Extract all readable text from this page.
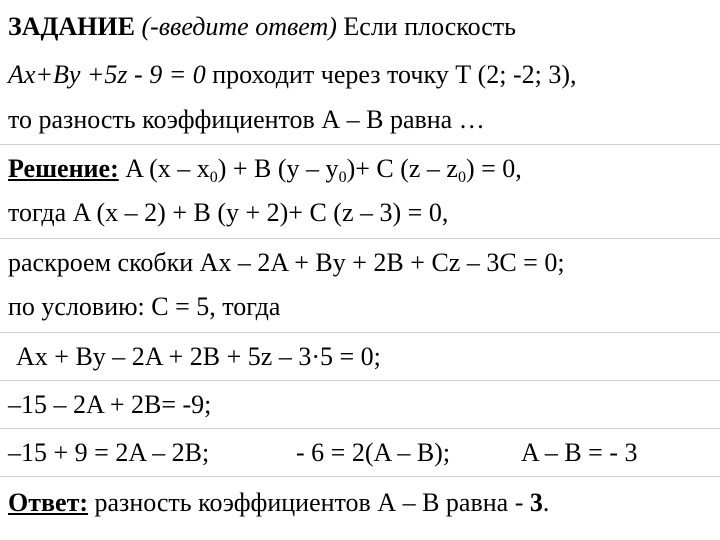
ЗАДАНИЕ (-введите ответ) Если плоскость
Ax+By +5z - 9 = 0 проходит через точку Т (2; -2; 3),
то разность коэффициентов А – В равна …
Решение: A $(x - x_0) + B$ $(y - y_0)+ C$ $(z - z_0) = 0$,
тогда A (x – 2) + B (y + 2)+ C (z – 3) = 0,
раскроем скобки Ax – 2A + By + 2B + Cz – 3C = 0;
по условию: C = 5, тогда
Ax + By – 2A + 2B + 5z – 3·5 = 0;
–15 – 2A + 2B= -9;
–15 + 9 = 2A – 2B;	- 6 = 2(A – B);	A – B = - 3
Ответ: разность коэффициентов А – В равна - 3.
